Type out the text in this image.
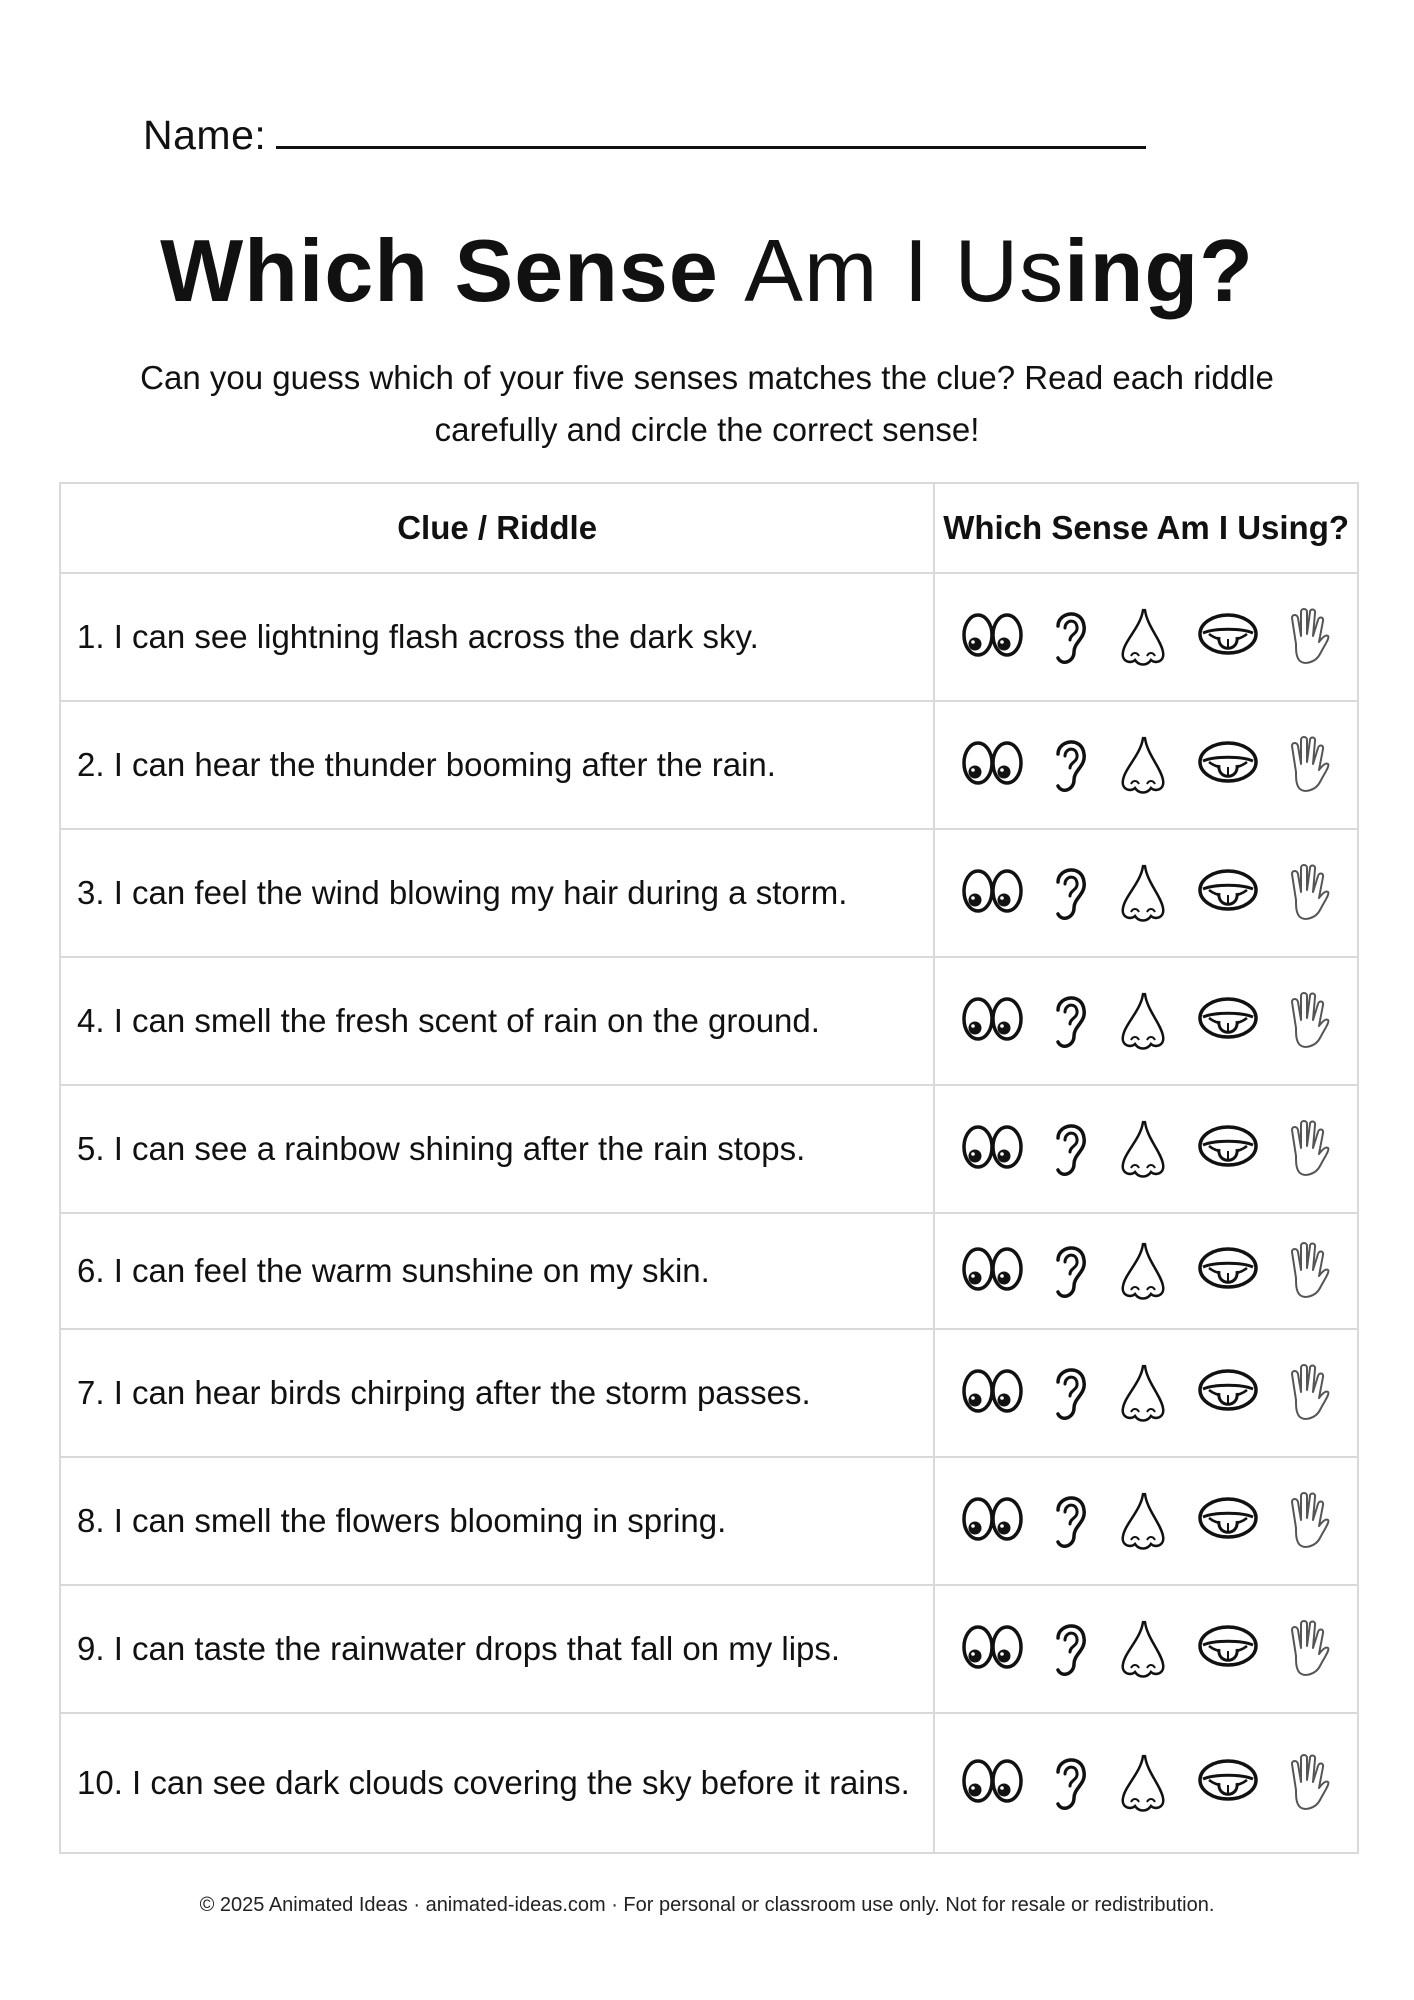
Name:
Which Sense Am I Using?

Can you guess which of your five senses matches the clue? Read each riddle carefully and circle the correct sense!

Clue / Riddle	Which Sense Am I Using?
1. I can see lightning flash across the dark sky.	

2. I can hear the thunder booming after the rain.	

3. I can feel the wind blowing my hair during a storm.	

4. I can smell the fresh scent of rain on the ground.	

5. I can see a rainbow shining after the rain stops.	

6. I can feel the warm sunshine on my skin.	

7. I can hear birds chirping after the storm passes.	

8. I can smell the flowers blooming in spring.	

9. I can taste the rainwater drops that fall on my lips.	

10. I can see dark clouds covering the sky before it rains.	
© 2025 Animated Ideas · animated-ideas.com · For personal or classroom use only. Not for resale or redistribution.
